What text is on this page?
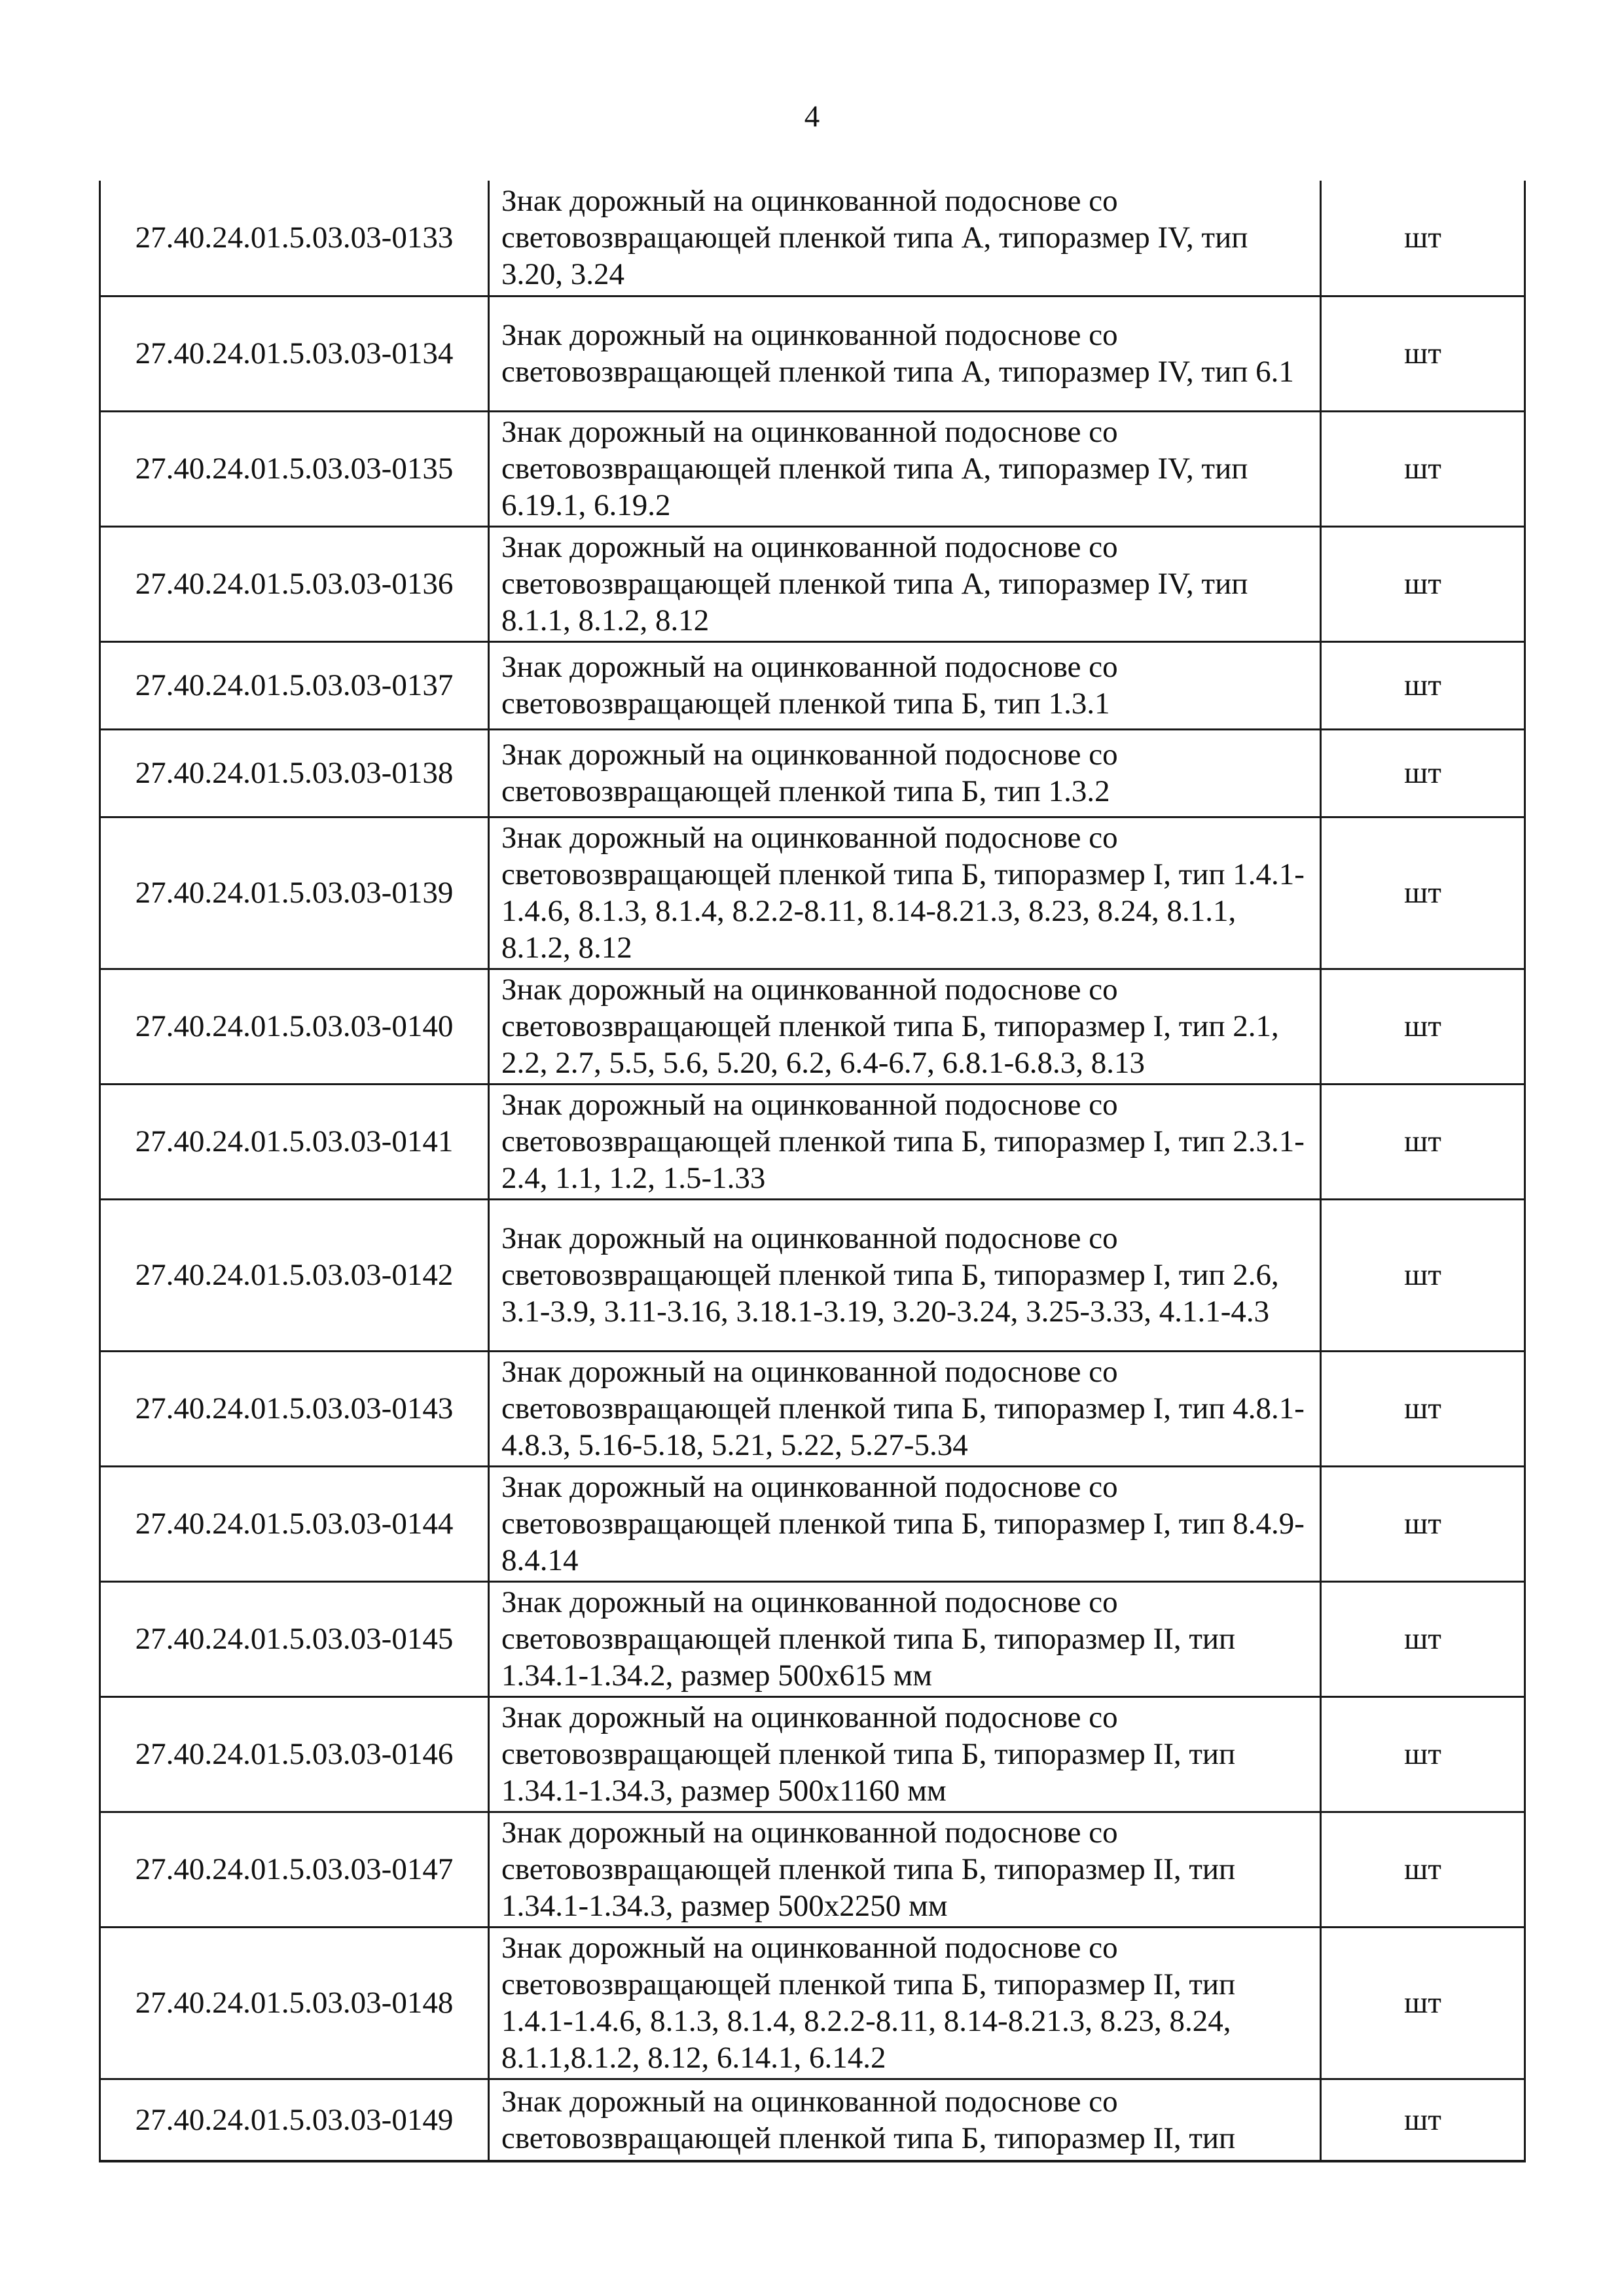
4
27.40.24.01.5.03.03-0133	Знак дорожный на оцинкованной подоснове со световозвращающей пленкой типа А, типоразмер IV, тип 3.20, 3.24	шт
27.40.24.01.5.03.03-0134	Знак дорожный на оцинкованной подоснове со световозвращающей пленкой типа А, типоразмер IV, тип 6.1	шт
27.40.24.01.5.03.03-0135	Знак дорожный на оцинкованной подоснове со световозвращающей пленкой типа А, типоразмер IV, тип 6.19.1, 6.19.2	шт
27.40.24.01.5.03.03-0136	Знак дорожный на оцинкованной подоснове со световозвращающей пленкой типа А, типоразмер IV, тип 8.1.1, 8.1.2, 8.12	шт
27.40.24.01.5.03.03-0137	Знак дорожный на оцинкованной подоснове со световозвращающей пленкой типа Б, тип 1.3.1	шт
27.40.24.01.5.03.03-0138	Знак дорожный на оцинкованной подоснове со световозвращающей пленкой типа Б, тип 1.3.2	шт
27.40.24.01.5.03.03-0139	Знак дорожный на оцинкованной подоснове со световозвращающей пленкой типа Б, типоразмер I, тип 1.4.1-1.4.6, 8.1.3, 8.1.4, 8.2.2-8.11, 8.14-8.21.3, 8.23, 8.24, 8.1.1, 8.1.2, 8.12	шт
27.40.24.01.5.03.03-0140	Знак дорожный на оцинкованной подоснове со световозвращающей пленкой типа Б, типоразмер I, тип 2.1, 2.2, 2.7, 5.5, 5.6, 5.20, 6.2, 6.4-6.7, 6.8.1-6.8.3, 8.13	шт
27.40.24.01.5.03.03-0141	Знак дорожный на оцинкованной подоснове со световозвращающей пленкой типа Б, типоразмер I, тип 2.3.1-2.4, 1.1, 1.2, 1.5-1.33	шт
27.40.24.01.5.03.03-0142	Знак дорожный на оцинкованной подоснове со световозвращающей пленкой типа Б, типоразмер I, тип 2.6, 3.1-3.9, 3.11-3.16, 3.18.1-3.19, 3.20-3.24, 3.25-3.33, 4.1.1-4.3	шт
27.40.24.01.5.03.03-0143	Знак дорожный на оцинкованной подоснове со световозвращающей пленкой типа Б, типоразмер I, тип 4.8.1-4.8.3, 5.16-5.18, 5.21, 5.22, 5.27-5.34	шт
27.40.24.01.5.03.03-0144	Знак дорожный на оцинкованной подоснове со световозвращающей пленкой типа Б, типоразмер I, тип 8.4.9-8.4.14	шт
27.40.24.01.5.03.03-0145	Знак дорожный на оцинкованной подоснове со световозвращающей пленкой типа Б, типоразмер II, тип 1.34.1-1.34.2, размер 500х615 мм	шт
27.40.24.01.5.03.03-0146	Знак дорожный на оцинкованной подоснове со световозвращающей пленкой типа Б, типоразмер II, тип 1.34.1-1.34.3, размер 500х1160 мм	шт
27.40.24.01.5.03.03-0147	Знак дорожный на оцинкованной подоснове со световозвращающей пленкой типа Б, типоразмер II, тип 1.34.1-1.34.3, размер 500х2250 мм	шт
27.40.24.01.5.03.03-0148	Знак дорожный на оцинкованной подоснове со световозвращающей пленкой типа Б, типоразмер II, тип 1.4.1-1.4.6, 8.1.3, 8.1.4, 8.2.2-8.11, 8.14-8.21.3, 8.23, 8.24, 8.1.1,8.1.2, 8.12, 6.14.1, 6.14.2	шт
27.40.24.01.5.03.03-0149	Знак дорожный на оцинкованной подоснове со световозвращающей пленкой типа Б, типоразмер II, тип	шт
